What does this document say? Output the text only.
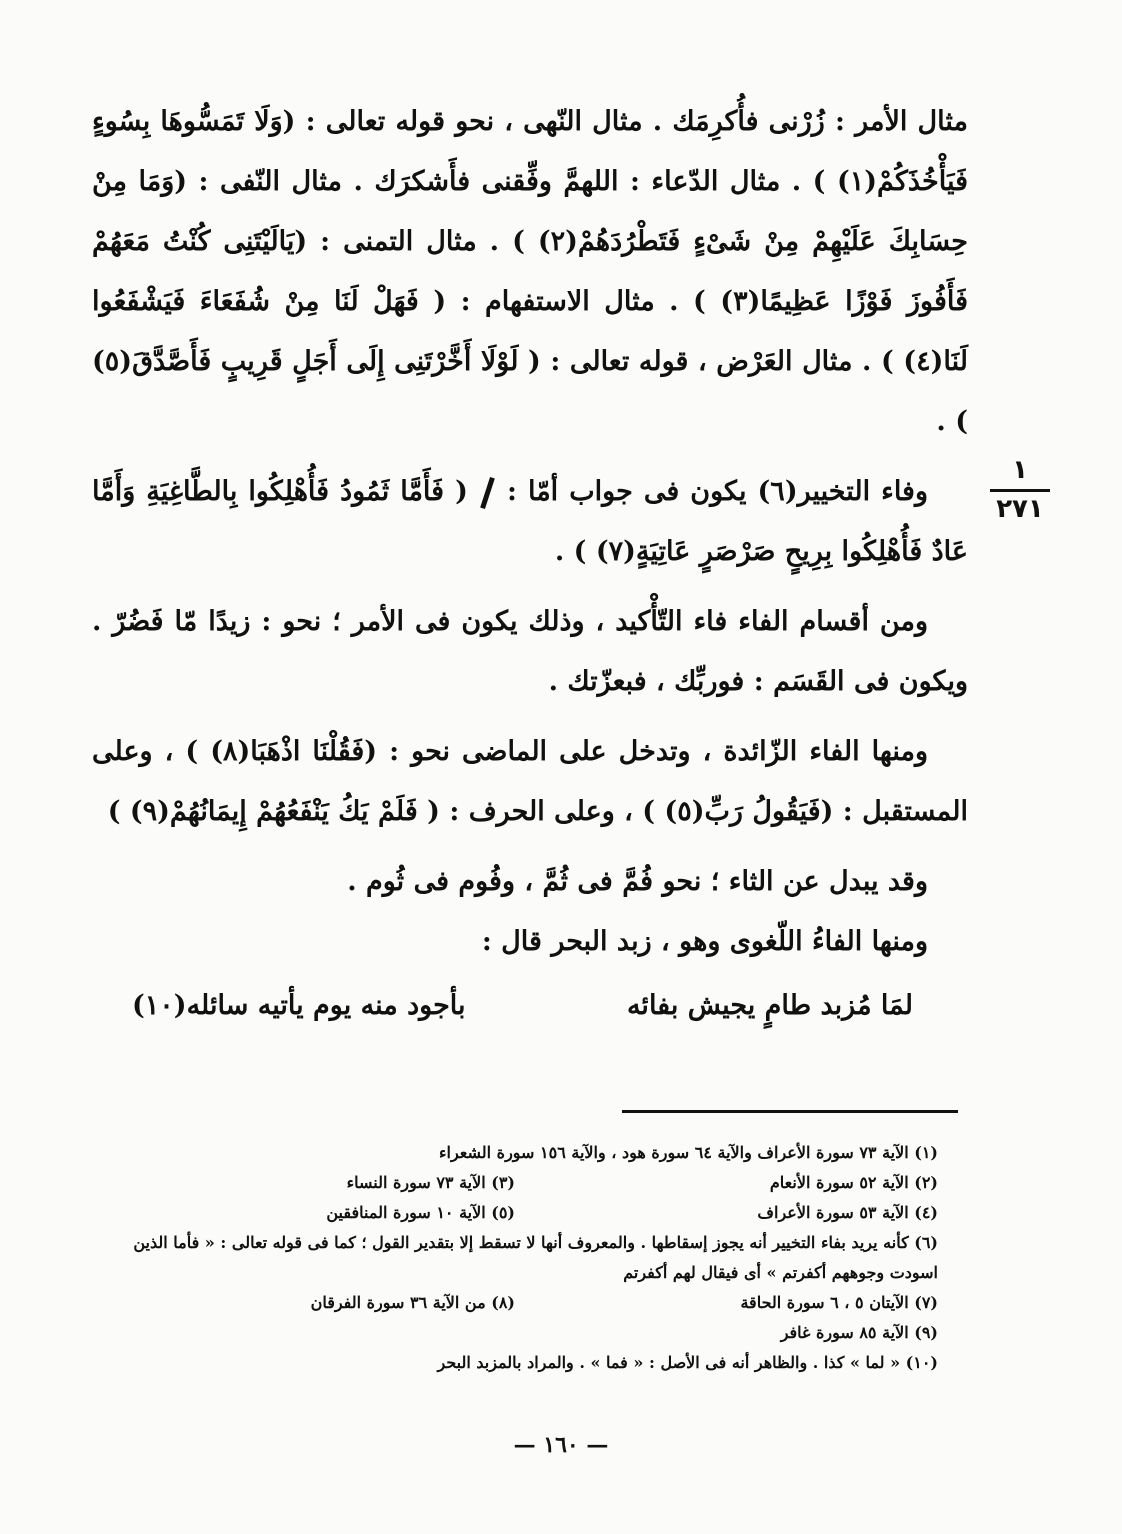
١
٢٧١

مثال الأمر : زُرْنى فأُكرِمَك . مثال النّهى ، نحو قوله تعالى : (وَلَا تَمَسُّوهَا بِسُوءٍ فَيَأْخُذَكُمْ(١) ) . مثال الدّعاء : اللهمَّ وفِّقنى فأَشكرَك . مثال النّفى : (وَمَا مِنْ حِسَابِكَ عَلَيْهِمْ مِنْ شَىْءٍ فَتَطْرُدَهُمْ(٢) ) . مثال التمنى : (يَالَيْتَنِى كُنْتُ مَعَهُمْ فَأَفُوزَ فَوْزًا عَظِيمًا(٣) ) . مثال الاستفهام : ( فَهَلْ لَنَا مِنْ شُفَعَاءَ فَيَشْفَعُوا لَنَا(٤) ) . مثال العَرْض ، قوله تعالى : ( لَوْلَا أَخَّرْتَنِى إِلَى أَجَلٍ قَرِيبٍ فَأَصَّدَّقَ(٥) ) .

وفاء التخيير(٦) يكون فى جواب أمّا :  ( فَأَمَّا ثَمُودُ فَأُهْلِكُوا بِالطَّاغِيَةِ وَأَمَّا عَادٌ فَأُهْلِكُوا بِرِيحٍ صَرْصَرٍ عَاتِيَةٍ(٧) ) .

ومن أقسام الفاء فاء التّأْكيد ، وذلك يكون فى الأمر ؛ نحو : زيدًا مّا فَضُرّ . ويكون فى القَسَم : فوربِّك ، فبعزّتك .

ومنها الفاء الزّائدة ، وتدخل على الماضى نحو : (فَقُلْنَا اذْهَبَا(٨) ) ، وعلى المستقبل : (فَيَقُولُ رَبِّ(٥) ) ، وعلى الحرف : ( فَلَمْ يَكُ يَنْفَعُهُمْ إِيمَانُهُمْ(٩) )

وقد يبدل عن الثاء ؛ نحو فُمَّ فى ثُمَّ ، وفُوم فى ثُوم .

ومنها الفاءُ اللّغوى وهو ، زبد البحر قال :

لمَا مُزبد طامٍ يجيش بفائه
بأجود منه يوم يأتيه سائله(١٠)
(١) الآية ٧٣ سورة الأعراف والآية ٦٤ سورة هود ، والآية ١٥٦ سورة الشعراء
(٢) الآية ٥٢ سورة الأنعام
(٣) الآية ٧٣ سورة النساء
(٤) الآية ٥٣ سورة الأعراف
(٥) الآية ١٠ سورة المنافقين
(٦) كأنه يريد بفاء التخيير أنه يجوز إسقاطها . والمعروف أنها لا تسقط إلا بتقدير القول ؛ كما فى قوله تعالى : « فأما الذين اسودت وجوههم أكفرتم » أى فيقال لهم أكفرتم
(٧) الآيتان ٥ ، ٦ سورة الحاقة
(٨) من الآية ٣٦ سورة الفرقان
(٩) الآية ٨٥ سورة غافر
(١٠) « لما » كذا . والظاهر أنه فى الأصل : « فما » . والمراد بالمزبد البحر
— ١٦٠ —
